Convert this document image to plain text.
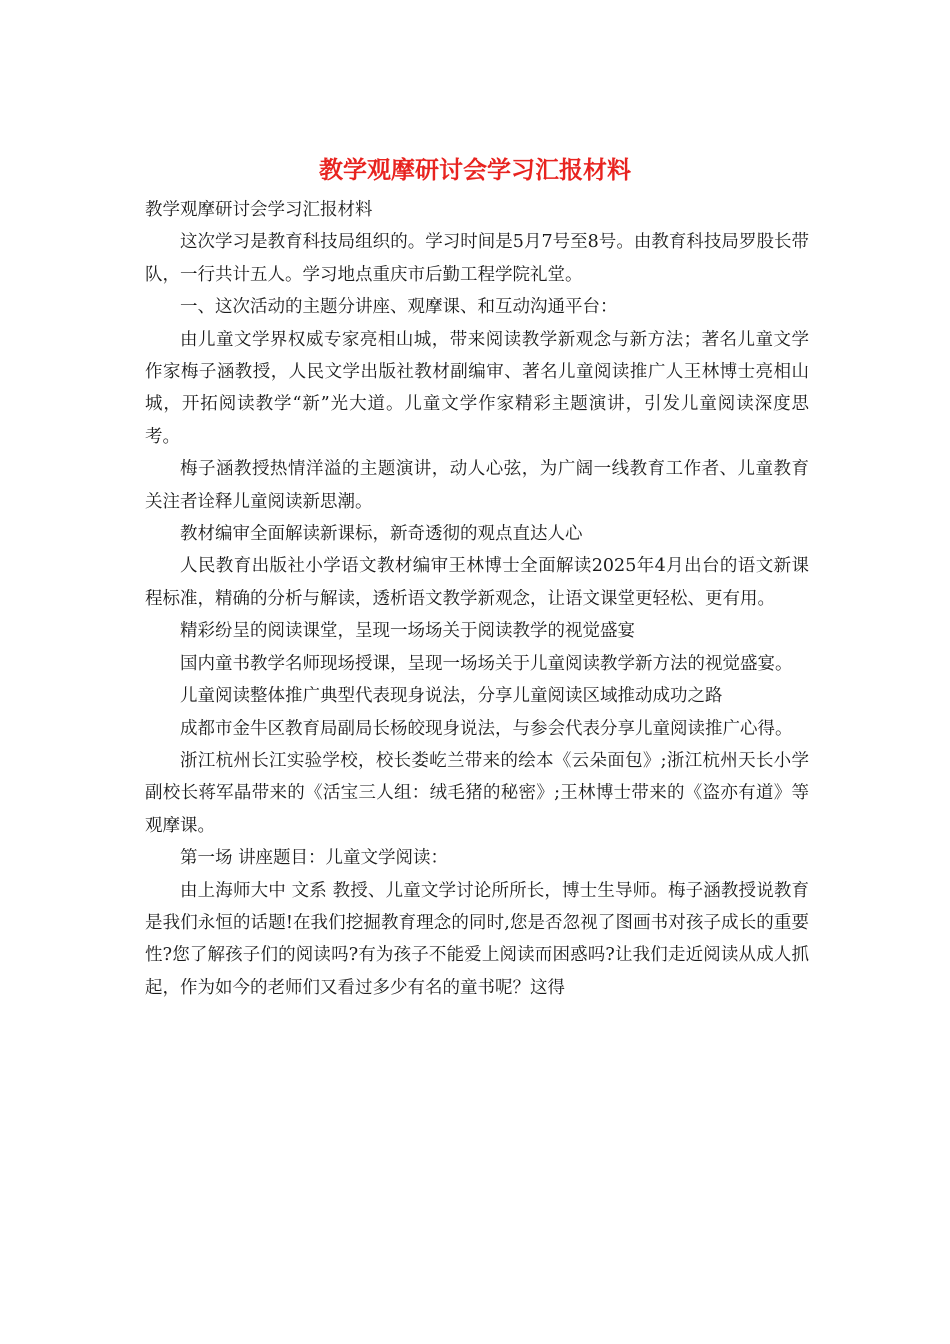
教学观摩研讨会学习汇报材料

教学观摩研讨会学习汇报材料

这次学习是教育科技局组织的。学习时间是5月7号至8号。由教育科技局罗股长带队，一行共计五人。学习地点重庆市后勤工程学院礼堂。

一、这次活动的主题分讲座、观摩课、和互动沟通平台：

由儿童文学界权威专家亮相山城，带来阅读教学新观念与新方法；著名儿童文学作家梅子涵教授，人民文学出版社教材副编审、著名儿童阅读推广人王林博士亮相山城，开拓阅读教学“新”光大道。儿童文学作家精彩主题演讲，引发儿童阅读深度思考。

梅子涵教授热情洋溢的主题演讲，动人心弦，为广阔一线教育工作者、儿童教育关注者诠释儿童阅读新思潮。

教材编审全面解读新课标，新奇透彻的观点直达人心

人民教育出版社小学语文教材编审王林博士全面解读2025年4月出台的语文新课程标准，精确的分析与解读，透析语文教学新观念，让语文课堂更轻松、更有用。

精彩纷呈的阅读课堂，呈现一场场关于阅读教学的视觉盛宴

国内童书教学名师现场授课，呈现一场场关于儿童阅读教学新方法的视觉盛宴。

儿童阅读整体推广典型代表现身说法，分享儿童阅读区域推动成功之路

成都市金牛区教育局副局长杨皎现身说法，与参会代表分享儿童阅读推广心得。

浙江杭州长江实验学校，校长娄屹兰带来的绘本《云朵面包》;浙江杭州天长小学副校长蒋军晶带来的《活宝三人组：绒毛猪的秘密》;王林博士带来的《盗亦有道》等观摩课。

第一场 讲座题目：儿童文学阅读：

由上海师大中 文系 教授、儿童文学讨论所所长，博士生导师。梅子涵教授说教育是我们永恒的话题!在我们挖掘教育理念的同时,您是否忽视了图画书对孩子成长的重要性?您了解孩子们的阅读吗?有为孩子不能爱上阅读而困惑吗?让我们走近阅读从成人抓起，作为如今的老师们又看过多少有名的童书呢？这得
